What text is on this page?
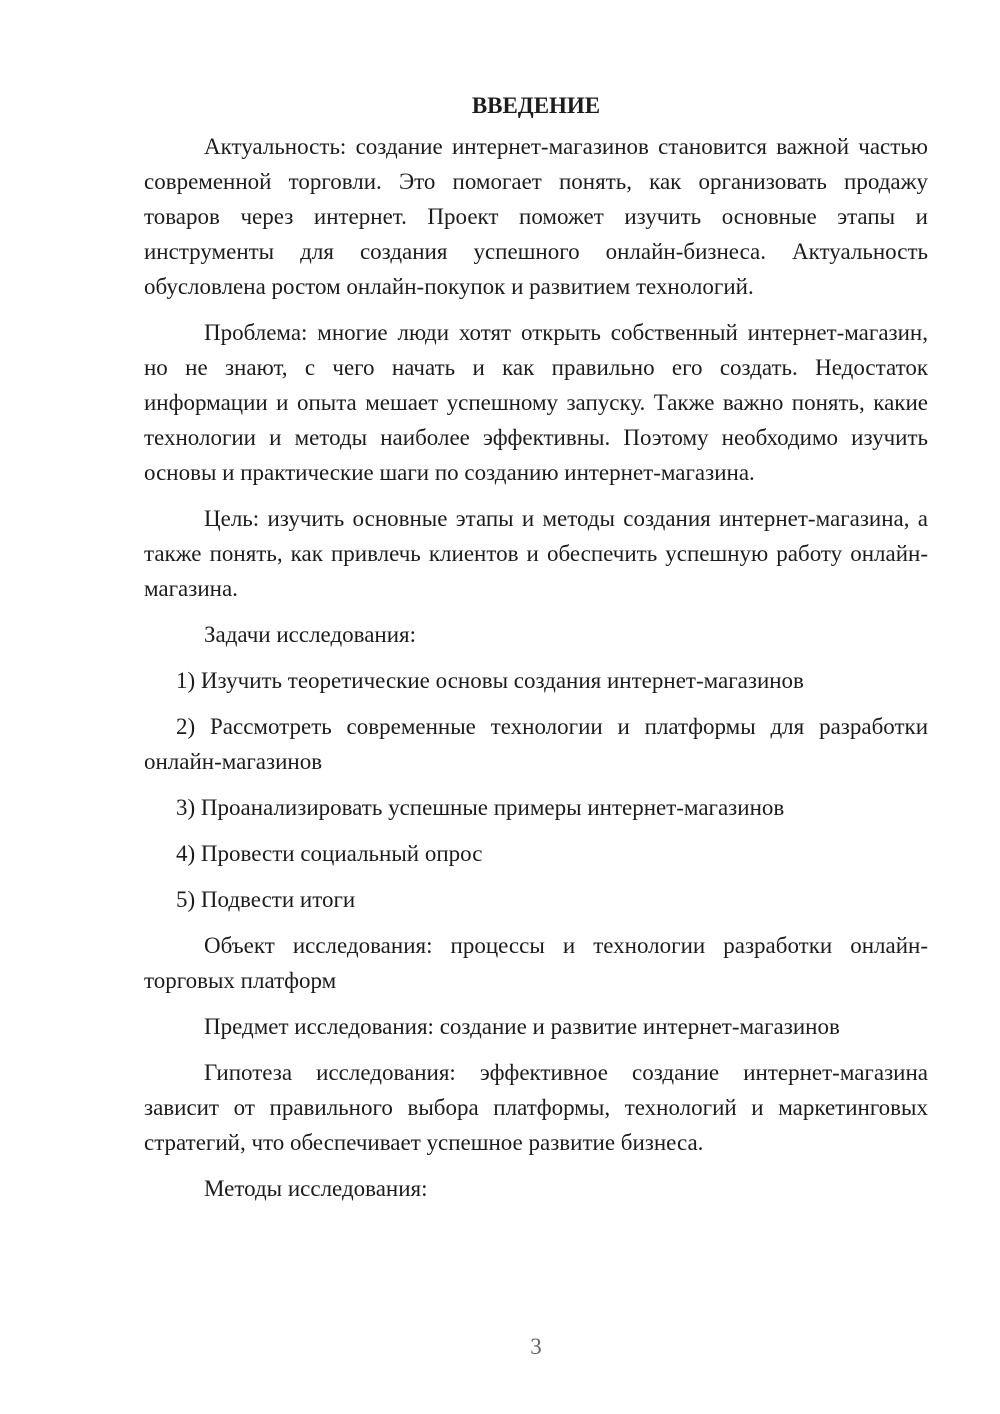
ВВЕДЕНИЕ

Актуальность: создание интернет-магазинов становится важной частью современной торговли. Это помогает понять, как организовать продажу товаров через интернет. Проект поможет изучить основные этапы и инструменты для создания успешного онлайн-бизнеса. Актуальность обусловлена ростом онлайн-покупок и развитием технологий.

Проблема: многие люди хотят открыть собственный интернет-магазин, но не знают, с чего начать и как правильно его создать. Недостаток информации и опыта мешает успешному запуску. Также важно понять, какие технологии и методы наиболее эффективны. Поэтому необходимо изучить основы и практические шаги по созданию интернет-магазина.

Цель: изучить основные этапы и методы создания интернет-магазина, а также понять, как привлечь клиентов и обеспечить успешную работу онлайн-магазина.

Задачи исследования:

1) Изучить теоретические основы создания интернет-магазинов

2) Рассмотреть современные технологии и платформы для разработки онлайн-магазинов

3) Проанализировать успешные примеры интернет-магазинов

4) Провести социальный опрос

5) Подвести итоги

Объект исследования: процессы и технологии разработки онлайн-торговых платформ

Предмет исследования: создание и развитие интернет-магазинов

Гипотеза исследования: эффективное создание интернет-магазина зависит от правильного выбора платформы, технологий и маркетинговых стратегий, что обеспечивает успешное развитие бизнеса.

Методы исследования:

3
